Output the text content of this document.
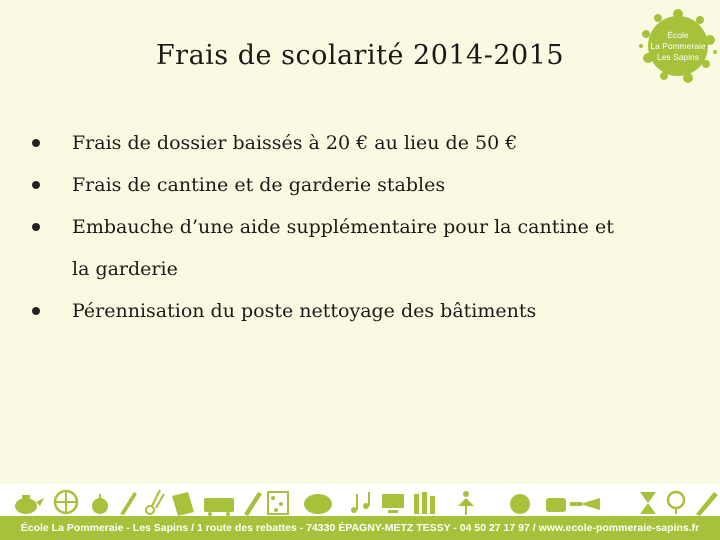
Frais de scolarité 2014-2015
École
La Pommeraie
Les Sapins
Frais de dossier baissés à 20 € au lieu de 50 €
Frais de cantine et de garderie stables
Embauche d’une aide supplémentaire pour la cantine et la garderie
Pérennisation du poste nettoyage des bâtiments
École La Pommeraie - Les Sapins / 1 route des rebattes - 74330 ÉPAGNY-METZ TESSY - 04 50 27 17 97 / www.ecole-pommeraie-sapins.fr
